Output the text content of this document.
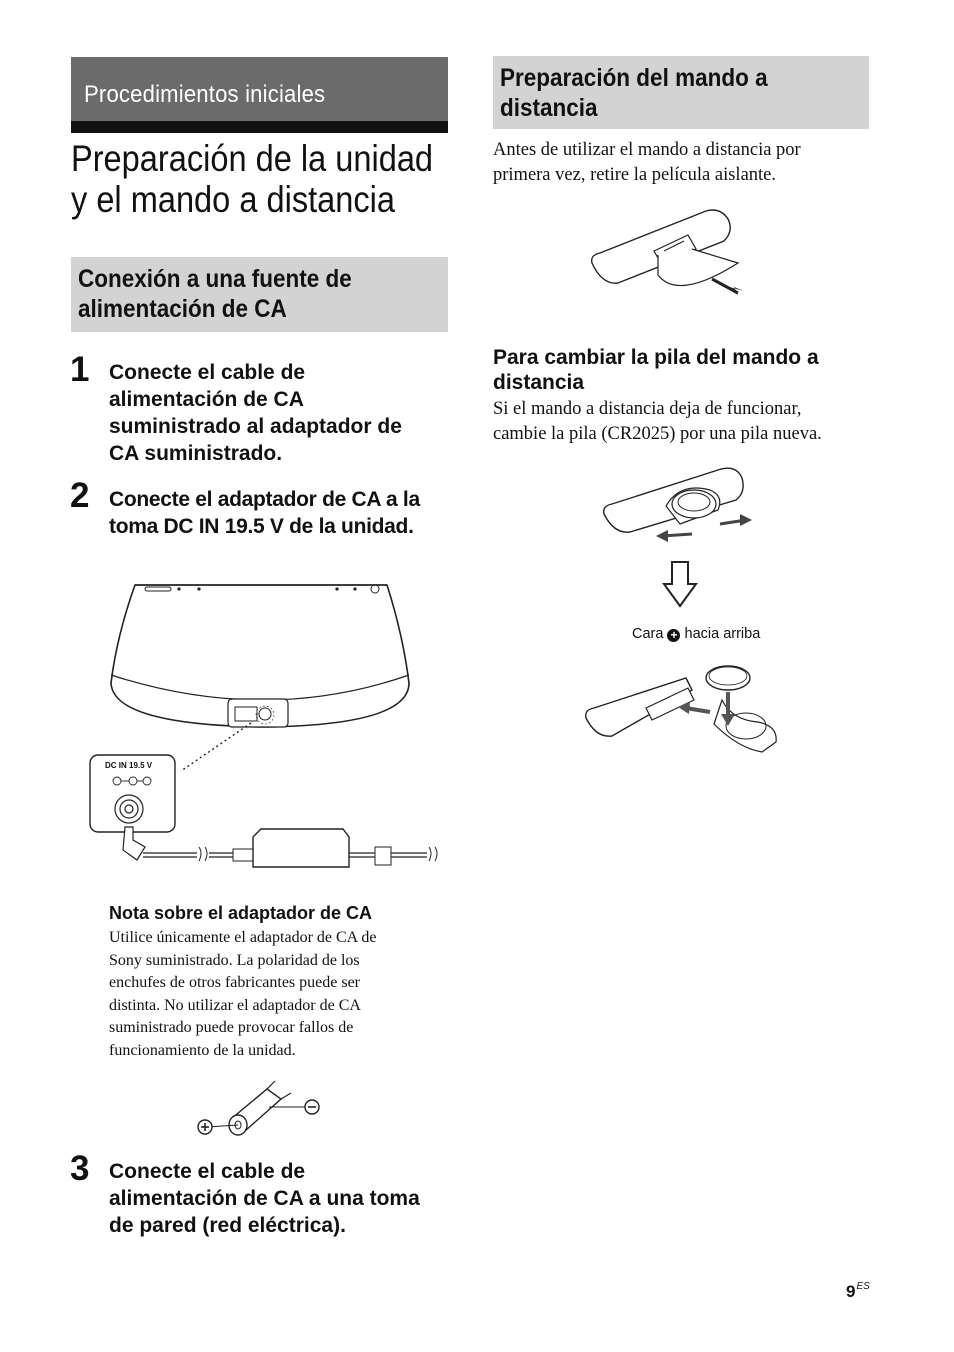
Procedimientos iniciales
Preparación de la unidad
y el mando a distancia
Conexión a una fuente de
alimentación de CA
1 Conecte el cable de
alimentación de CA
suministrado al adaptador de
CA suministrado.
2 Conecte el adaptador de CA a la
toma DC IN 19.5 V de la unidad.
DC IN 19.5 V
Nota sobre el adaptador de CA
Utilice únicamente el adaptador de CA de
Sony suministrado. La polaridad de los
enchufes de otros fabricantes puede ser
distinta. No utilizar el adaptador de CA
suministrado puede provocar fallos de
funcionamiento de la unidad.
3 Conecte el cable de
alimentación de CA a una toma
de pared (red eléctrica).
Preparación del mando a
distancia
Antes de utilizar el mando a distancia por
primera vez, retire la película aislante.
Para cambiar la pila del mando a
distancia
Si el mando a distancia deja de funcionar,
cambie la pila (CR2025) por una pila nueva.
Cara + hacia arriba
$9^{ES}$
